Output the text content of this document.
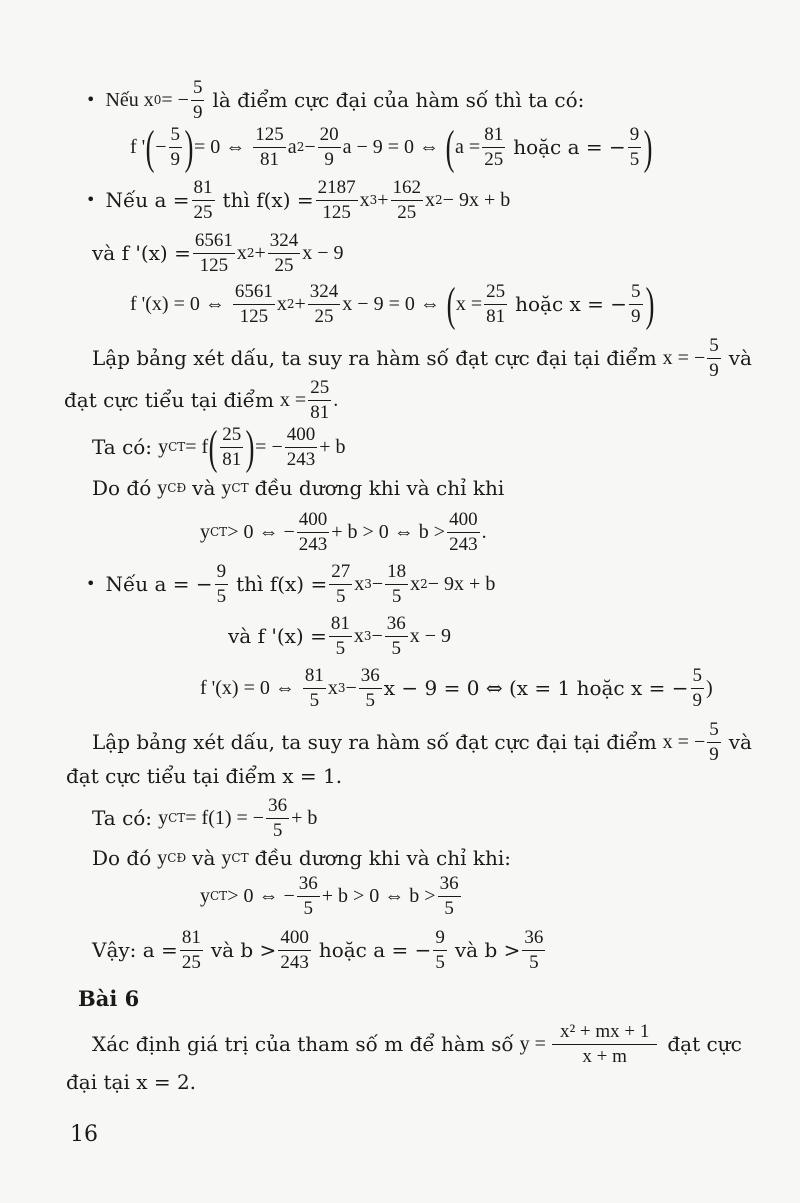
• Nếu x 0 = − $\frac{5}{9}$ là điểm cực đại của hàm số thì ta có:
f ' ( − $\frac{5}{9}$ ) = 0 ⇔ $\frac{125}{81}$ a $2 - \frac{20}{9}$ a − 9 = 0 ⇔ ( $a = \frac{81}{25}$ hoặc a = − $\frac{9}{5}$ )
• Nếu $a = \frac{81}{25}$ thì $f(x) = \frac{2187}{125}$ x $3 + \frac{162}{25}$ x 2 − 9x + b
và f '$(x) = \frac{6561}{125}$ x $2 + \frac{324}{25}$ x − 9
f '(x) = 0 ⇔ $\frac{6561}{125}$ x $2 + \frac{324}{25}$ x − 9 = 0 ⇔ ( $x = \frac{25}{81}$ hoặc x = − $\frac{5}{9}$ )
Lập bảng xét dấu, ta suy ra hàm số đạt cực đại tại điểm x = − $\frac{5}{9}$ và
đạt cực tiểu tại điểm $x = \frac{25}{81}$ .
Ta có: y CT = f ( $\frac{25}{81}$ ) = − $\frac{400}{243} + b$
Do đó y CĐ và y CT đều dương khi và chỉ khi
y CT > 0 ⇔ − $\frac{400}{243} + b > 0$ ⇔ $b > \frac{400}{243}$ .
• Nếu a = − $\frac{9}{5}$ thì $f(x) = \frac{27}{5}$ x $3 - \frac{18}{5}$ x 2 − 9x + b
và f '$(x) = \frac{81}{5}$ x $3 - \frac{36}{5}$ x − 9
f '(x) = 0 ⇔ $\frac{81}{5}$ x $3 - \frac{36}{5}$ x − 9 = 0 ⇔ (x = 1 hoặc x = − $\frac{5}{9}$ )
Lập bảng xét dấu, ta suy ra hàm số đạt cực đại tại điểm x = − $\frac{5}{9}$ và
đạt cực tiểu tại điểm x = 1.
Ta có: y CT = f(1) = − $\frac{36}{5} + b$
Do đó y CĐ và y CT đều dương khi và chỉ khi:
y CT > 0 ⇔ − $\frac{36}{5} + b > 0$ ⇔ $b > \frac{36}{5}$
Vậy: $a = \frac{81}{25}$ và $b > \frac{400}{243}$ hoặc a = − $\frac{9}{5}$ và $b > \frac{36}{5}$
Bài 6
Xác định giá trị của tham số m để hàm số $y = \frac{\text{x² + mx + 1}}{x + m}$ đạt cực
đại tại x = 2.
16
